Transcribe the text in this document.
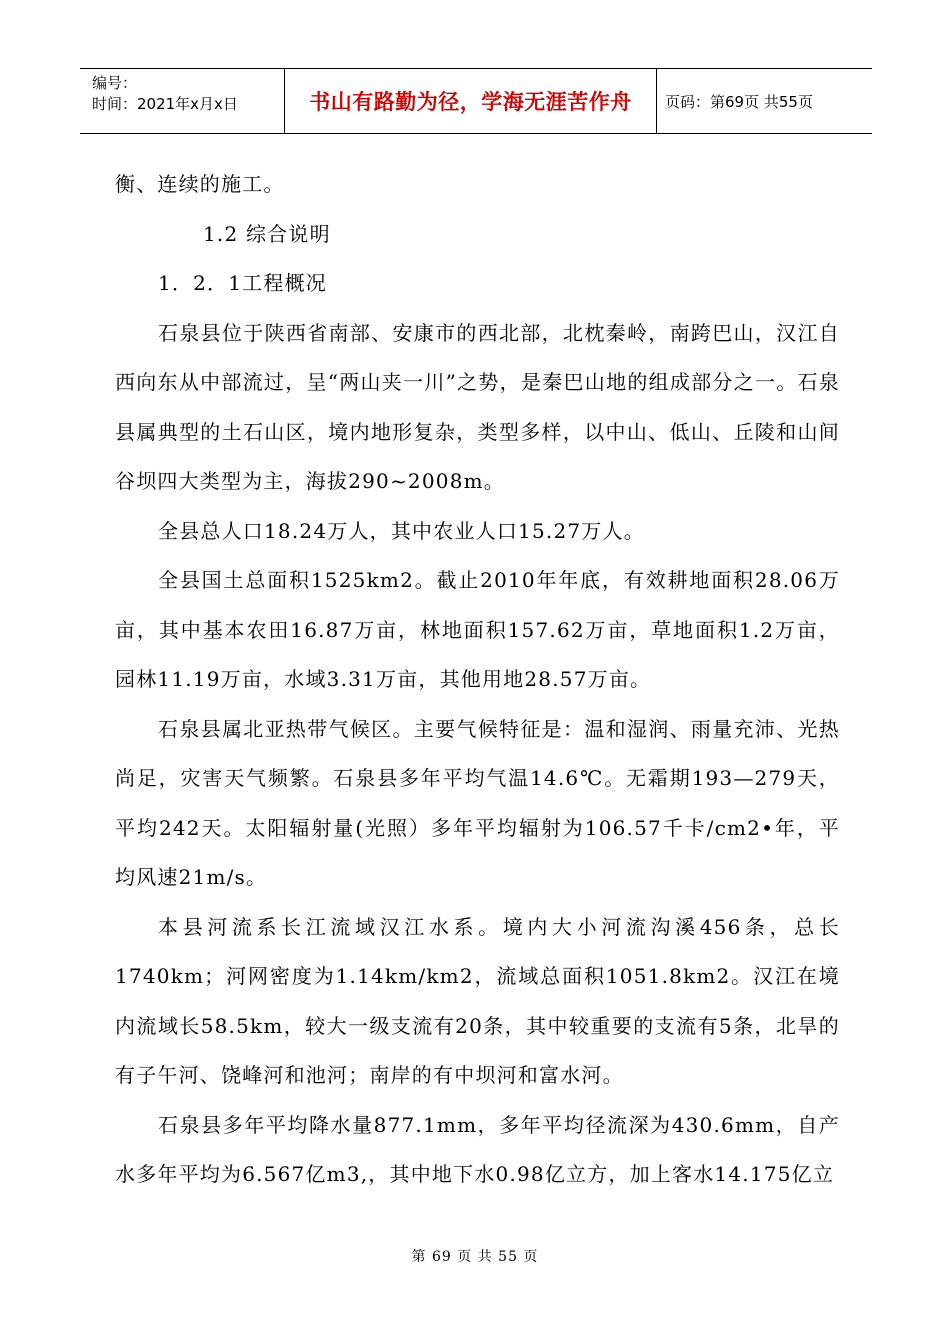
编号：
时间：2021年x月x日	书山有路勤为径，学海无涯苦作舟 页码：第69页 共55页

衡、连续的施工。

1.2 综合说明

1．2．1工程概况

石泉县位于陕西省南部、安康市的西北部，北枕秦岭，南跨巴山，汉江自西向东从中部流过，呈“两山夹一川”之势，是秦巴山地的组成部分之一。石泉县属典型的土石山区，境内地形复杂，类型多样，以中山、低山、丘陵和山间谷坝四大类型为主，海拔290~2008m。

全县总人口18.24万人，其中农业人口15.27万人。

全县国土总面积1525km2。截止2010年年底，有效耕地面积28.06万亩，其中基本农田16.87万亩，林地面积157.62万亩，草地面积1.2万亩，园林11.19万亩，水域3.31万亩，其他用地28.57万亩。

石泉县属北亚热带气候区。主要气候特征是：温和湿润、雨量充沛、光热尚足，灾害天气频繁。石泉县多年平均气温14.6℃。无霜期193—279天，平均242天。太阳辐射量(光照）多年平均辐射为106.57千卡/cm2•年，平均风速21m/s。

本县河流系长江流域汉江水系。境内大小河流沟溪456条，总长1740km；河网密度为1.14km/km2，流域总面积1051.8km2。汉江在境内流域长58.5km，较大一级支流有20条，其中较重要的支流有5条，北旱的有子午河、饶峰河和池河；南岸的有中坝河和富水河。

石泉县多年平均降水量877.1mm，多年平均径流深为430.6mm，自产水多年平均为6.567亿m3,，其中地下水0.98亿立方，加上客水14.175亿立

第 69 页 共 55 页
